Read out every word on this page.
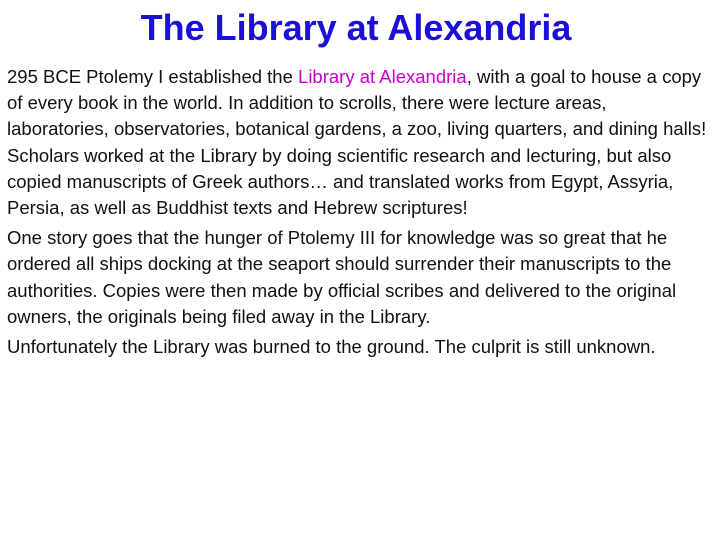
The Library at Alexandria

295 BCE Ptolemy I established the Library at Alexandria, with a goal to house a copy of every book in the world. In addition to scrolls, there were lecture areas, laboratories, observatories, botanical gardens, a zoo, living quarters, and dining halls! Scholars worked at the Library by doing scientific research and lecturing, but also copied manuscripts of Greek authors… and translated works from Egypt, Assyria, Persia, as well as Buddhist texts and Hebrew scriptures!

One story goes that the hunger of Ptolemy III for knowledge was so great that he ordered all ships docking at the seaport should surrender their manuscripts to the authorities. Copies were then made by official scribes and delivered to the original owners, the originals being filed away in the Library.

Unfortunately the Library was burned to the ground. The culprit is still unknown.
